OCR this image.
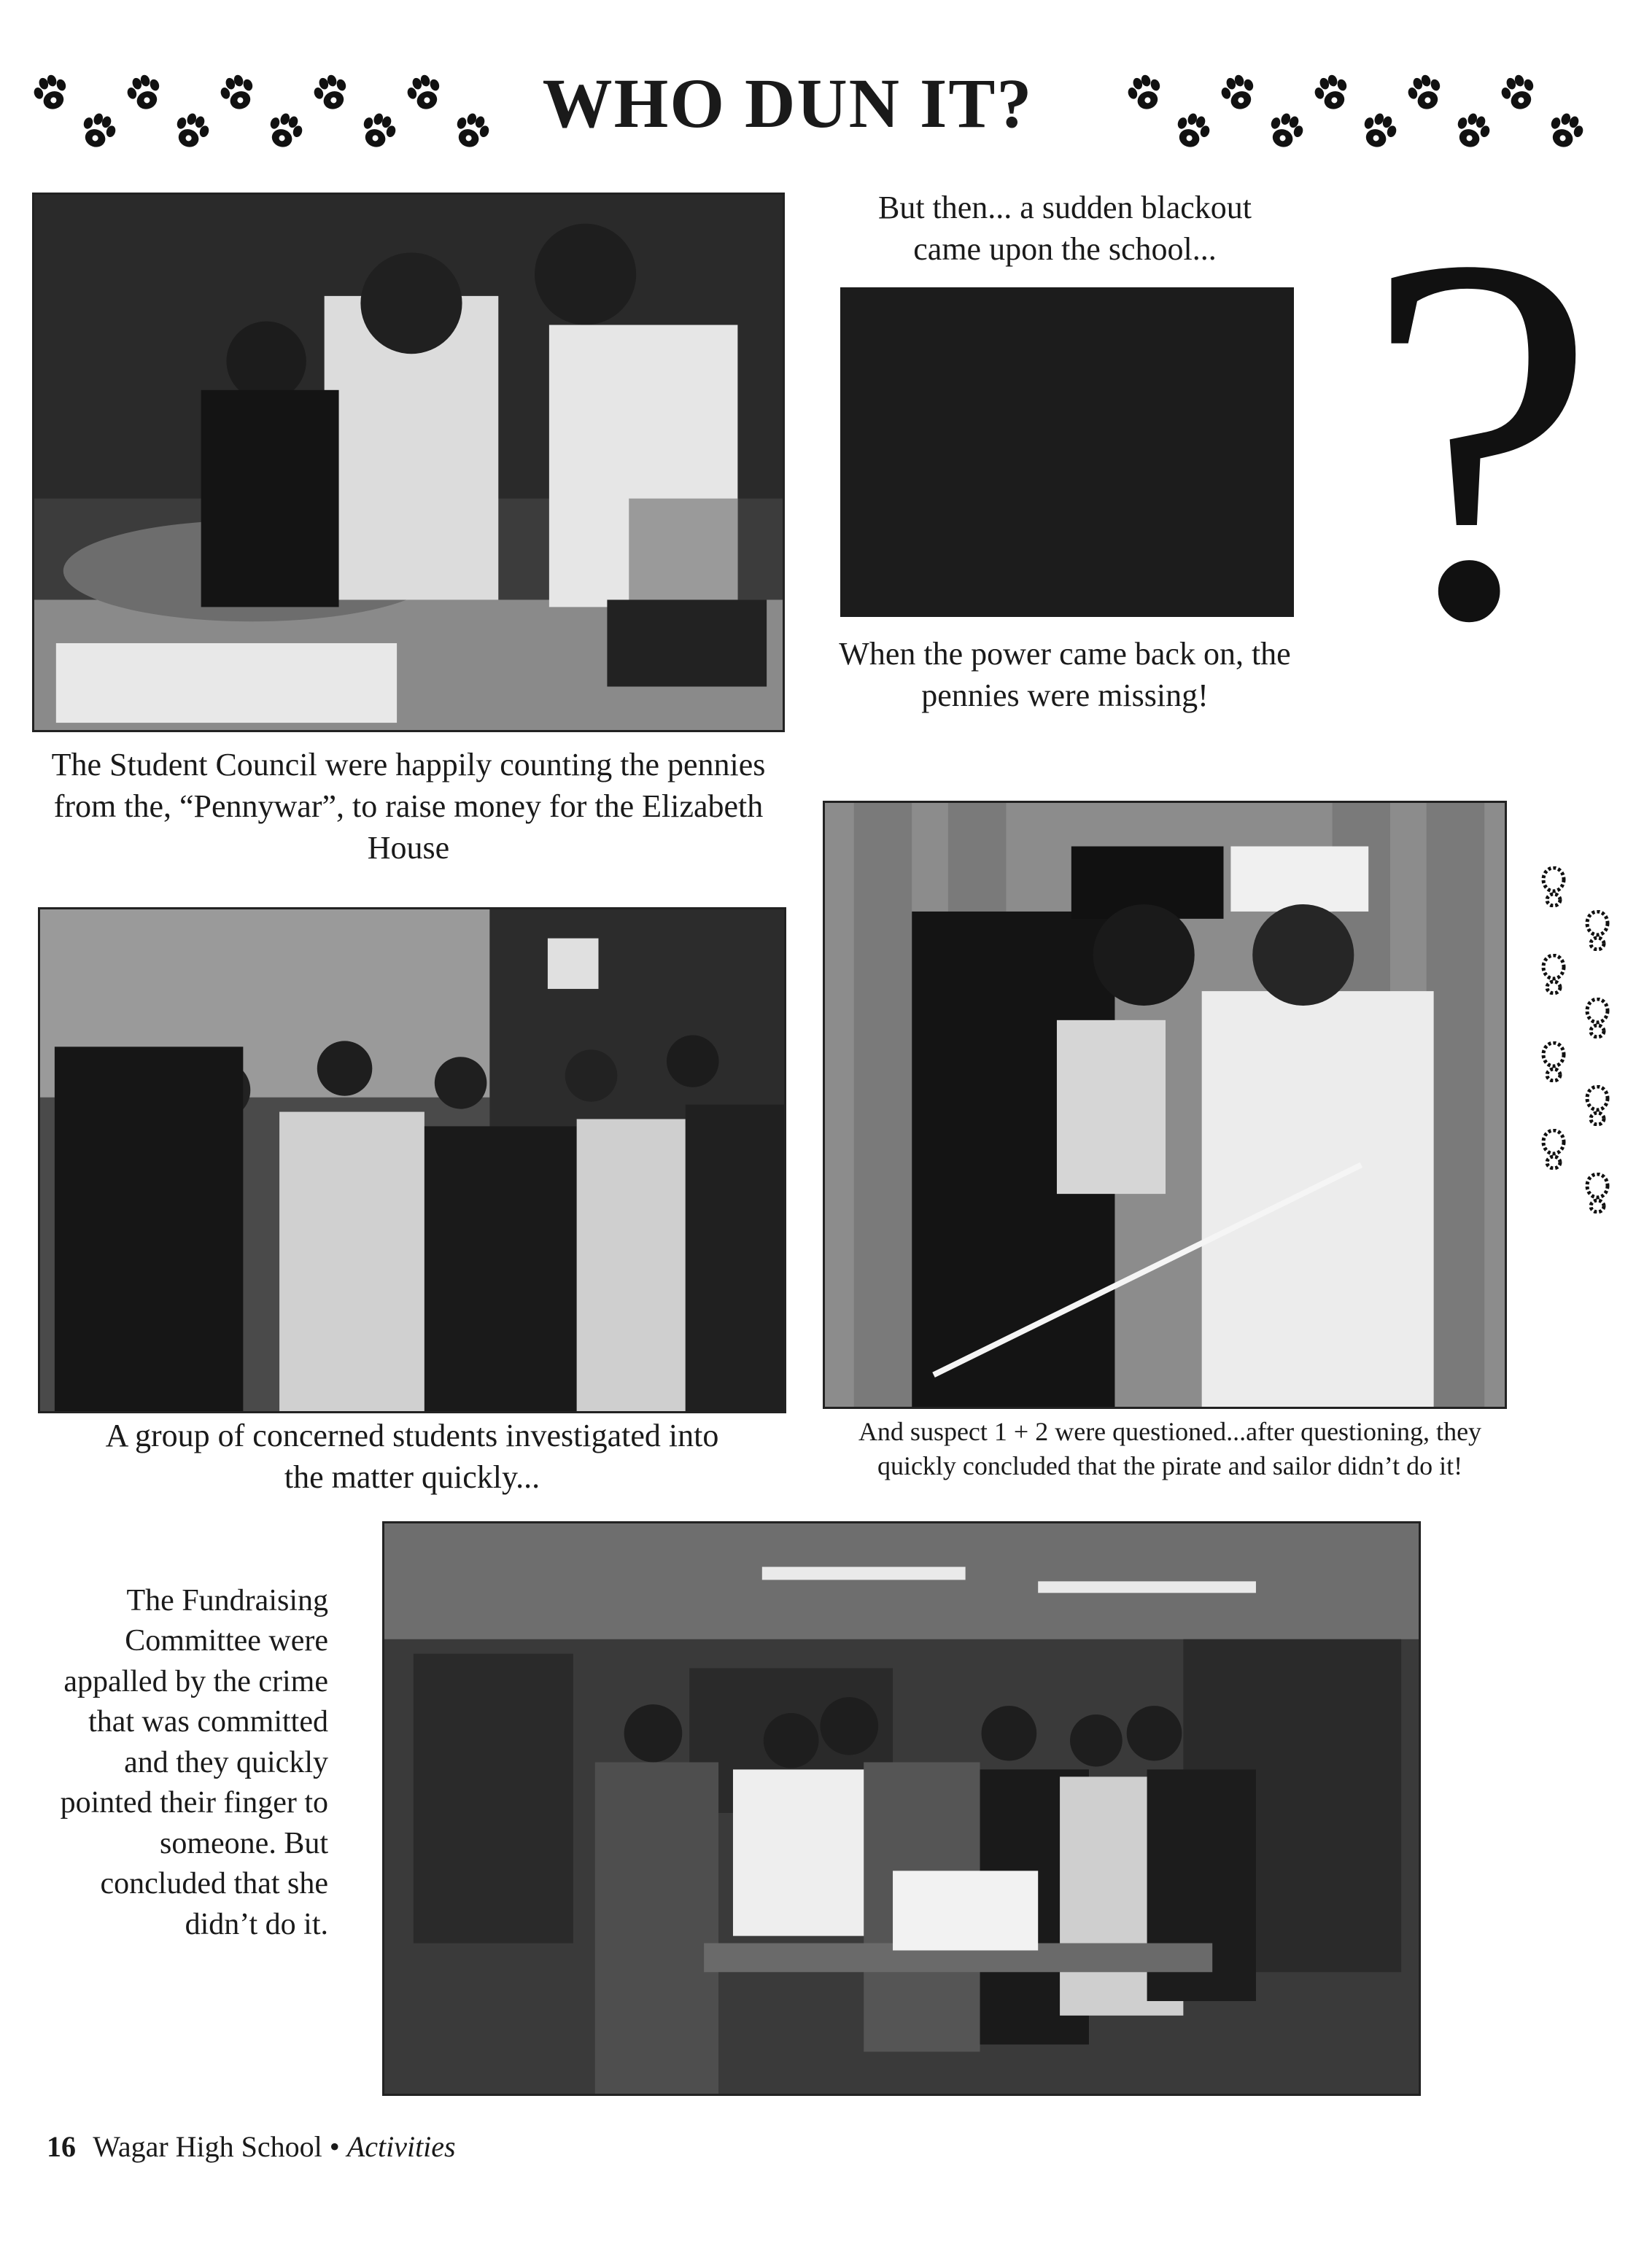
WHO DUN IT?
The Student Council were happily counting the pennies from the, “Pennywar”, to raise money for the Elizabeth House
But then... a sudden blackout came upon the school...
When the power came back on, the pennies were missing! ?
A group of concerned students investigated into the matter quickly...
And suspect 1 + 2 were questioned...after questioning, they quickly concluded that the pirate and sailor didn’t do it!
The Fundraising Committee were appalled by the crime that was committed and they quickly pointed their finger to someone. But concluded that she didn’t do it.
16 Wagar High School • Activities
